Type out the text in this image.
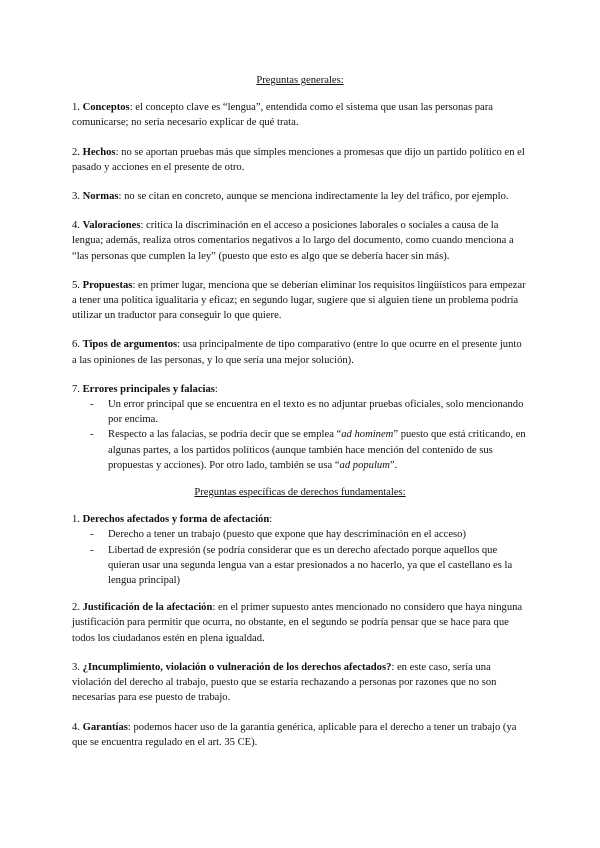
Preguntas generales:

1. Conceptos: el concepto clave es “lengua”, entendida como el sistema que usan las personas para comunicarse; no sería necesario explicar de qué trata.

2. Hechos: no se aportan pruebas más que simples menciones a promesas que dijo un partido político en el pasado y acciones en el presente de otro.

3. Normas: no se citan en concreto, aunque se menciona indirectamente la ley del tráfico, por ejemplo.

4. Valoraciones: critica la discriminación en el acceso a posiciones laborales o sociales a causa de la lengua; además, realiza otros comentarios negativos a lo largo del documento, como cuando menciona a “las personas que cumplen la ley” (puesto que esto es algo que se debería hacer sin más).

5. Propuestas: en primer lugar, menciona que se deberían eliminar los requisitos lingüísticos para empezar a tener una política igualitaria y eficaz; en segundo lugar, sugiere que si alguien tiene un problema podría utilizar un traductor para conseguir lo que quiere.

6. Tipos de argumentos: usa principalmente de tipo comparativo (entre lo que ocurre en el presente junto a las opiniones de las personas, y lo que sería una mejor solución).

7. Errores principales y falacias:
- Un error principal que se encuentra en el texto es no adjuntar pruebas oficiales, solo mencionando por encima.
- Respecto a las falacias, se podría decir que se emplea “ad hominem” puesto que está criticando, en algunas partes, a los partidos políticos (aunque también hace mención del contenido de sus propuestas y acciones). Por otro lado, también se usa “ad populum”.
Preguntas específicas de derechos fundamentales:
1. Derechos afectados y forma de afectación:
- Derecho a tener un trabajo (puesto que expone que hay descriminación en el acceso)
- Libertad de expresión (se podría considerar que es un derecho afectado porque aquellos que quieran usar una segunda lengua van a estar presionados a no hacerlo, ya que el castellano es la lengua principal)

2. Justificación de la afectación: en el primer supuesto antes mencionado no considero que haya ninguna justificación para permitir que ocurra, no obstante, en el segundo se podría pensar que se hace para que todos los ciudadanos estén en plena igualdad.

3. ¿Incumplimiento, violación o vulneración de los derechos afectados?: en este caso, sería una violación del derecho al trabajo, puesto que se estaría rechazando a personas por razones que no son necesarias para ese puesto de trabajo.

4. Garantías: podemos hacer uso de la garantía genérica, aplicable para el derecho a tener un trabajo (ya que se encuentra regulado en el art. 35 CE).
